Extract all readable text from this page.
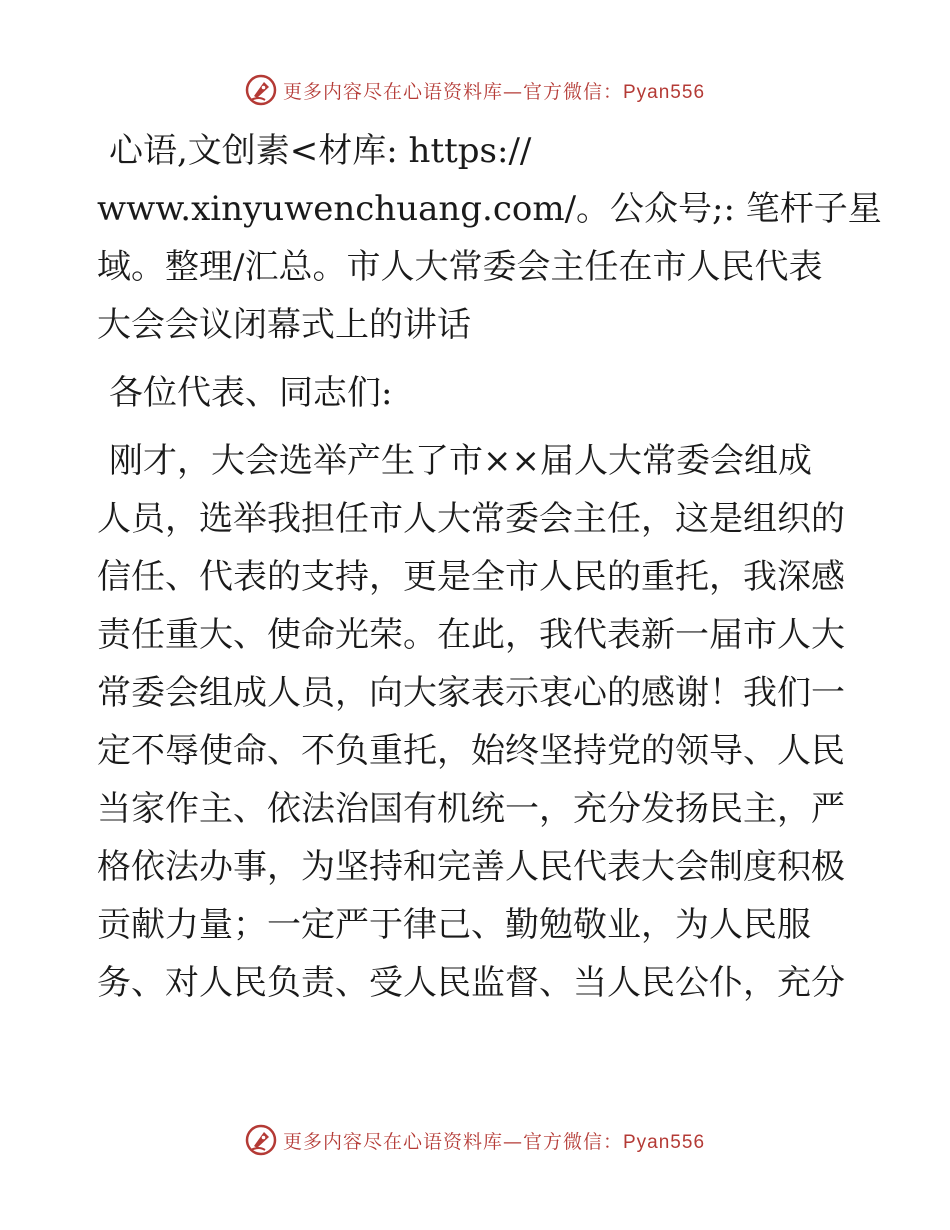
更多内容尽在心语资料库—官方微信：Pyan556
心语,文创素<材库: https://
www.xinyuwenchuang.com/。公众号;: 笔杆子星
域。整理/汇总。市人大常委会主任在市人民代表
大会会议闭幕式上的讲话
各位代表、同志们:
刚才，大会选举产生了市××届人大常委会组成
人员，选举我担任市人大常委会主任，这是组织的
信任、代表的支持，更是全市人民的重托，我深感
责任重大、使命光荣。在此，我代表新一届市人大
常委会组成人员，向大家表示衷心的感谢！我们一
定不辱使命、不负重托，始终坚持党的领导、人民
当家作主、依法治国有机统一，充分发扬民主，严
格依法办事，为坚持和完善人民代表大会制度积极
贡献力量；一定严于律己、勤勉敬业，为人民服
务、对人民负责、受人民监督、当人民公仆，充分
更多内容尽在心语资料库—官方微信：Pyan556
